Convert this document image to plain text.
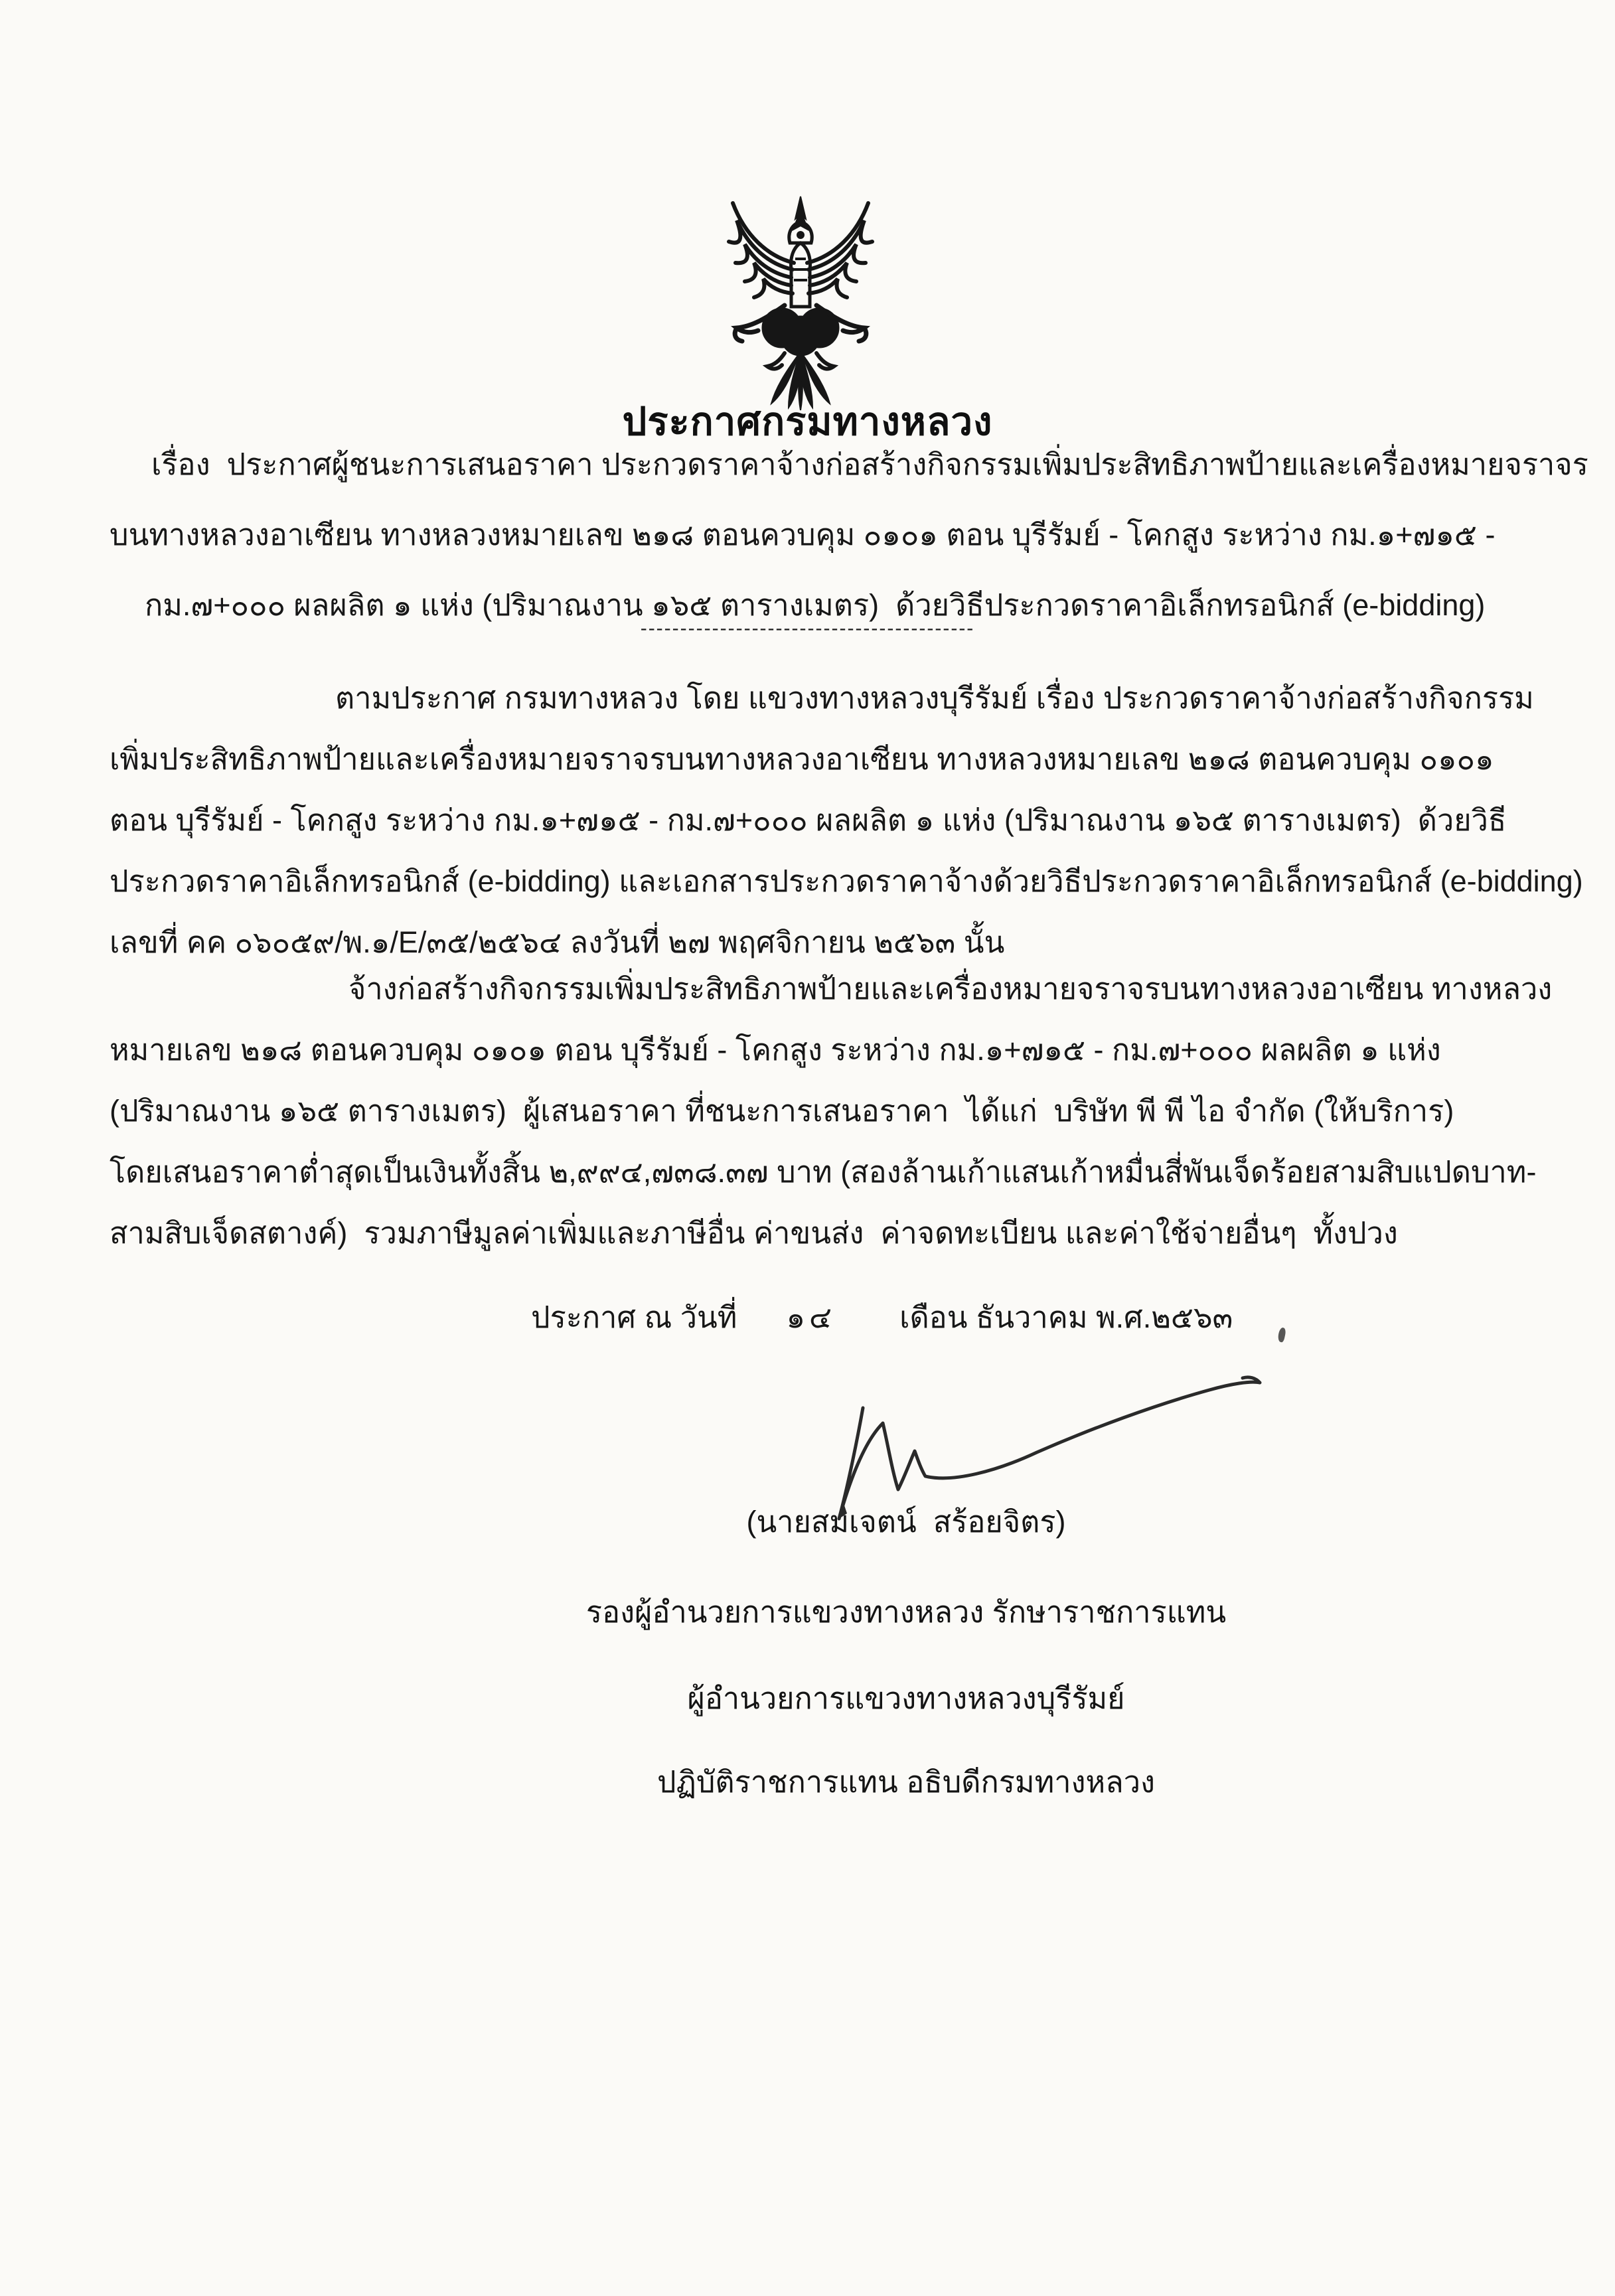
ประกาศกรมทางหลวง
เรื่อง  ประกาศผู้ชนะการเสนอราคา ประกวดราคาจ้างก่อสร้างกิจกรรมเพิ่มประสิทธิภาพป้ายและเครื่องหมายจราจร
บนทางหลวงอาเซียน ทางหลวงหมายเลข ๒๑๘ ตอนควบคุม ๐๑๐๑ ตอน บุรีรัมย์ - โคกสูง ระหว่าง กม.๑+๗๑๕ -
กม.๗+๐๐๐ ผลผลิต ๑ แห่ง (ปริมาณงาน ๑๖๕ ตารางเมตร)  ด้วยวิธีประกวดราคาอิเล็กทรอนิกส์ (e-bidding)
------------------------------------------
ตามประกาศ กรมทางหลวง โดย แขวงทางหลวงบุรีรัมย์ เรื่อง ประกวดราคาจ้างก่อสร้างกิจกรรม
เพิ่มประสิทธิภาพป้ายและเครื่องหมายจราจรบนทางหลวงอาเซียน ทางหลวงหมายเลข ๒๑๘ ตอนควบคุม ๐๑๐๑
ตอน บุรีรัมย์ - โคกสูง ระหว่าง กม.๑+๗๑๕ - กม.๗+๐๐๐ ผลผลิต ๑ แห่ง (ปริมาณงาน ๑๖๕ ตารางเมตร)  ด้วยวิธี
ประกวดราคาอิเล็กทรอนิกส์ (e-bidding) และเอกสารประกวดราคาจ้างด้วยวิธีประกวดราคาอิเล็กทรอนิกส์ (e-bidding)
เลขที่ คค ๐๖๐๕๙/พ.๑/E/๓๕/๒๕๖๔ ลงวันที่ ๒๗ พฤศจิกายน ๒๕๖๓ นั้น
จ้างก่อสร้างกิจกรรมเพิ่มประสิทธิภาพป้ายและเครื่องหมายจราจรบนทางหลวงอาเซียน ทางหลวง
หมายเลข ๒๑๘ ตอนควบคุม ๐๑๐๑ ตอน บุรีรัมย์ - โคกสูง ระหว่าง กม.๑+๗๑๕ - กม.๗+๐๐๐ ผลผลิต ๑ แห่ง
(ปริมาณงาน ๑๖๕ ตารางเมตร)  ผู้เสนอราคา ที่ชนะการเสนอราคา  ได้แก่  บริษัท พี พี ไอ จำกัด (ให้บริการ)
โดยเสนอราคาต่ำสุดเป็นเงินทั้งสิ้น ๒,๙๙๔,๗๓๘.๓๗ บาท (สองล้านเก้าแสนเก้าหมื่นสี่พันเจ็ดร้อยสามสิบแปดบาท-
สามสิบเจ็ดสตางค์)  รวมภาษีมูลค่าเพิ่มและภาษีอื่น ค่าขนส่ง  ค่าจดทะเบียน และค่าใช้จ่ายอื่นๆ  ทั้งปวง
ประกาศ ณ วันที่ ๑๔ เดือน ธันวาคม พ.ศ.๒๕๖๓

(นายสมเจตน์  สร้อยจิตร)

รองผู้อำนวยการแขวงทางหลวง รักษาราชการแทน

ผู้อำนวยการแขวงทางหลวงบุรีรัมย์

ปฏิบัติราชการแทน อธิบดีกรมทางหลวง
